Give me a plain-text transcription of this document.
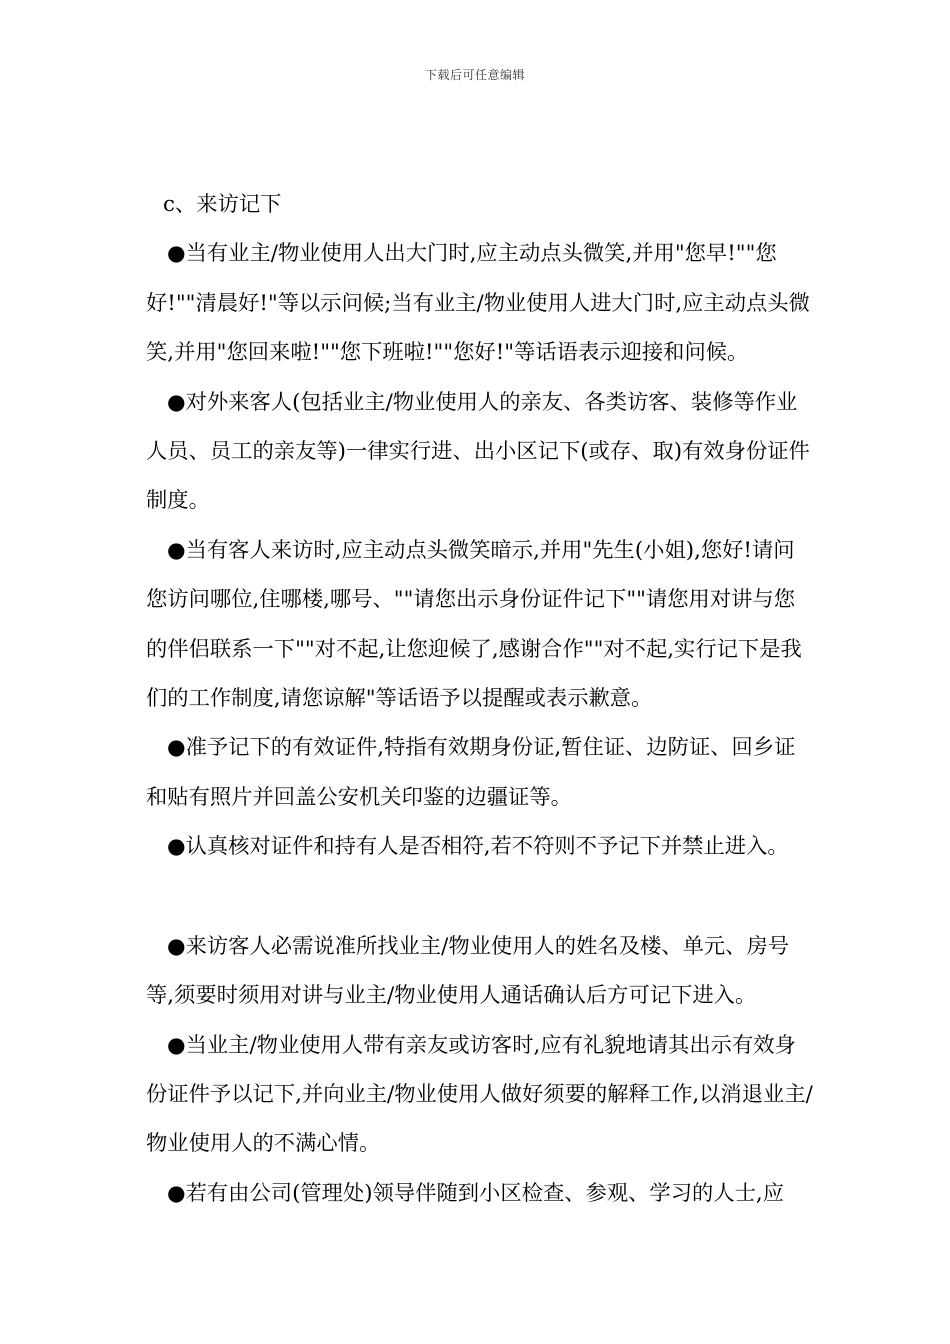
下载后可任意编辑

c、来访记下

●当有业主/物业使用人出大门时,应主动点头微笑,并用"您早!""您好!""清晨好!"等以示问候;当有业主/物业使用人进大门时,应主动点头微笑,并用"您回来啦!""您下班啦!""您好!"等话语表示迎接和问候。

●对外来客人(包括业主/物业使用人的亲友、各类访客、装修等作业人员、员工的亲友等)一律实行进、出小区记下(或存、取)有效身份证件制度。

●当有客人来访时,应主动点头微笑暗示,并用"先生(小姐),您好!请问您访问哪位,住哪楼,哪号、""请您出示身份证件记下""请您用对讲与您的伴侣联系一下""对不起,让您迎候了,感谢合作""对不起,实行记下是我们的工作制度,请您谅解"等话语予以提醒或表示歉意。

●准予记下的有效证件,特指有效期身份证,暂住证、边防证、回乡证和贴有照片并回盖公安机关印鉴的边疆证等。

●认真核对证件和持有人是否相符,若不符则不予记下并禁止进入。

●来访客人必需说准所找业主/物业使用人的姓名及楼、单元、房号等,须要时须用对讲与业主/物业使用人通话确认后方可记下进入。

●当业主/物业使用人带有亲友或访客时,应有礼貌地请其出示有效身份证件予以记下,并向业主/物业使用人做好须要的解释工作,以消退业主/物业使用人的不满心情。

●若有由公司(管理处)领导伴随到小区检查、参观、学习的人士,应
